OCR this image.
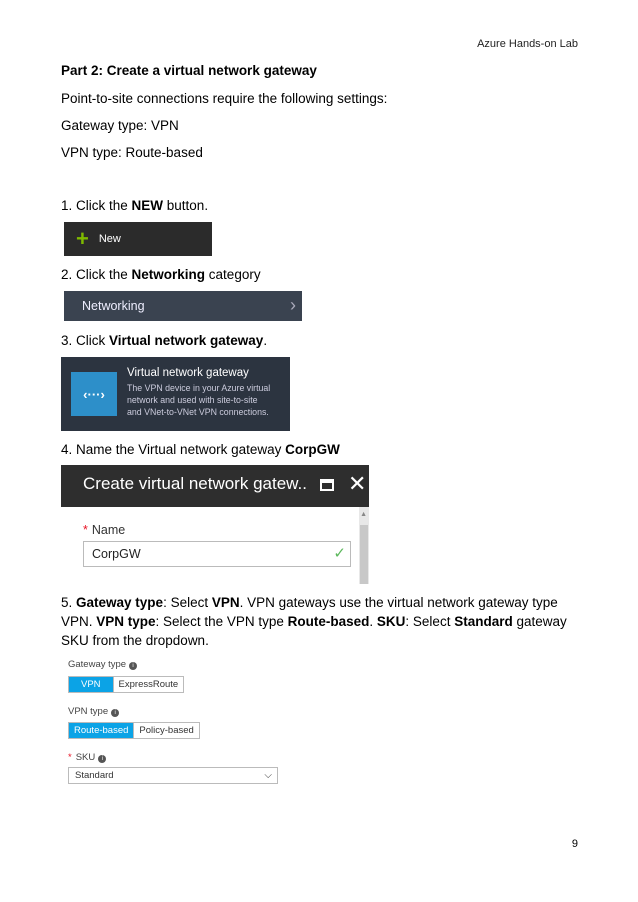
Azure Hands-on Lab
Part 2: Create a virtual network gateway
Point-to-site connections require the following settings:
Gateway type: VPN
VPN type: Route-based
1. Click the NEW button.
+ New
2. Click the Networking category
Networking	›
3. Click Virtual network gateway.
‹···›
Virtual network gateway
The VPN device in your Azure virtual
network and used with site-to-site
and VNet-to-VNet VPN connections.
4. Name the Virtual network gateway CorpGW
Create virtual network gatew.. ✕
* Name
CorpGW	✓
▲
5. Gateway type: Select VPN. VPN gateways use the virtual network gateway type
VPN. VPN type: Select the VPN type Route-based. SKU: Select Standard gateway
SKU from the dropdown.
Gateway type i
VPN	ExpressRoute
VPN type i
Route-based	Policy-based
* SKU i
Standard	⌵
9
